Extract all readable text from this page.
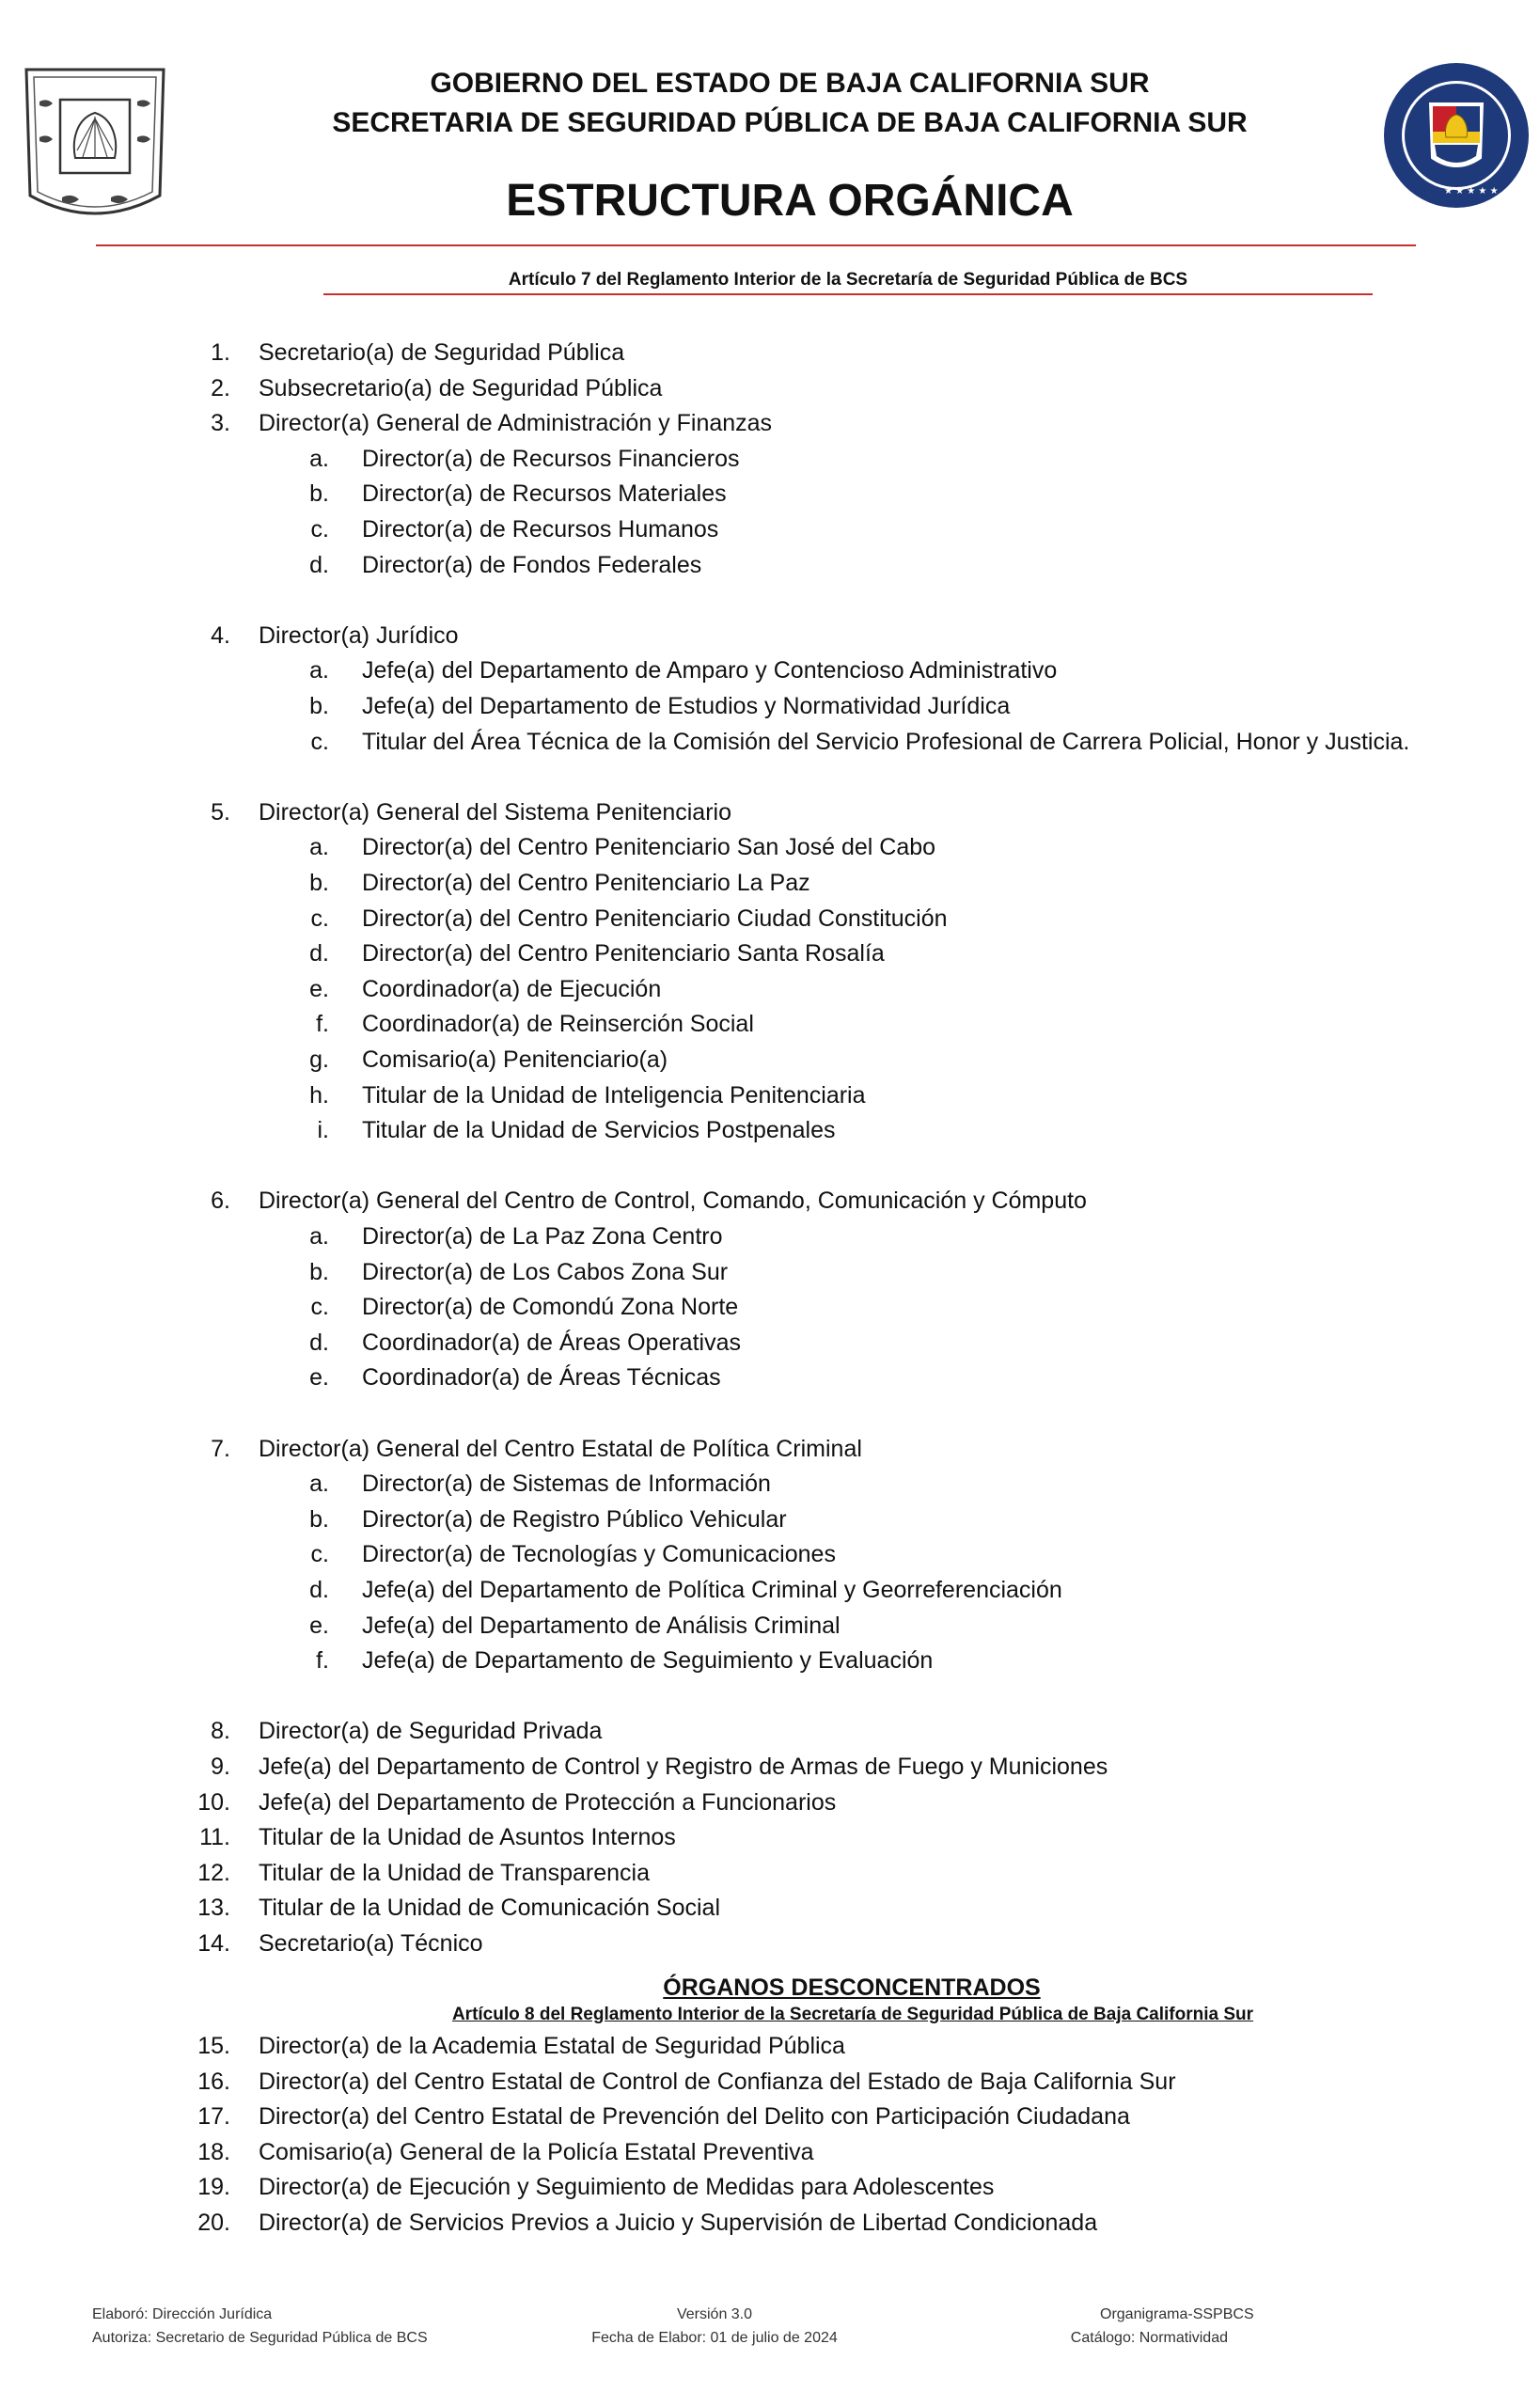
★ ★ ★ ★ ★
GOBIERNO DEL ESTADO DE BAJA CALIFORNIA SUR
SECRETARIA DE SEGURIDAD PÚBLICA DE BAJA CALIFORNIA SUR
ESTRUCTURA ORGÁNICA
Artículo 7 del Reglamento Interior de la Secretaría de Seguridad Pública de BCS
1. Secretario(a) de Seguridad Pública
2. Subsecretario(a) de Seguridad Pública
3. Director(a) General de Administración y Finanzas
a. Director(a) de Recursos Financieros
b. Director(a) de Recursos Materiales
c. Director(a) de Recursos Humanos
d. Director(a) de Fondos Federales
4. Director(a) Jurídico
a. Jefe(a) del Departamento de Amparo y Contencioso Administrativo
b. Jefe(a) del Departamento de Estudios y Normatividad Jurídica
c. Titular del Área Técnica de la Comisión del Servicio Profesional de Carrera Policial, Honor y Justicia.
5. Director(a) General del Sistema Penitenciario
a. Director(a) del Centro Penitenciario San José del Cabo
b. Director(a) del Centro Penitenciario La Paz
c. Director(a) del Centro Penitenciario Ciudad Constitución
d. Director(a) del Centro Penitenciario Santa Rosalía
e. Coordinador(a) de Ejecución
f. Coordinador(a) de Reinserción Social
g. Comisario(a) Penitenciario(a)
h. Titular de la Unidad de Inteligencia Penitenciaria
i. Titular de la Unidad de Servicios Postpenales
6. Director(a) General del Centro de Control, Comando, Comunicación y Cómputo
a. Director(a) de La Paz Zona Centro
b. Director(a) de Los Cabos Zona Sur
c. Director(a) de Comondú Zona Norte
d. Coordinador(a) de Áreas Operativas
e. Coordinador(a) de Áreas Técnicas
7. Director(a) General del Centro Estatal de Política Criminal
a. Director(a) de Sistemas de Información
b. Director(a) de Registro Público Vehicular
c. Director(a) de Tecnologías y Comunicaciones
d. Jefe(a) del Departamento de Política Criminal y Georreferenciación
e. Jefe(a) del Departamento de Análisis Criminal
f. Jefe(a) de Departamento de Seguimiento y Evaluación
8. Director(a) de Seguridad Privada
9. Jefe(a) del Departamento de Control y Registro de Armas de Fuego y Municiones
10. Jefe(a) del Departamento de Protección a Funcionarios
11. Titular de la Unidad de Asuntos Internos
12. Titular de la Unidad de Transparencia
13. Titular de la Unidad de Comunicación Social
14. Secretario(a) Técnico
15. Director(a) de la Academia Estatal de Seguridad Pública
16. Director(a) del Centro Estatal de Control de Confianza del Estado de Baja California Sur
17. Director(a) del Centro Estatal de Prevención del Delito con Participación Ciudadana
18. Comisario(a) General de la Policía Estatal Preventiva
19. Director(a) de Ejecución y Seguimiento de Medidas para Adolescentes
20. Director(a) de Servicios Previos a Juicio y Supervisión de Libertad Condicionada
ÓRGANOS DESCONCENTRADOS
Artículo 8 del Reglamento Interior de la Secretaría de Seguridad Pública de Baja California Sur
Elaboró: Dirección Jurídica
Autoriza: Secretario de Seguridad Pública de BCS
Versión 3.0
Fecha de Elabor: 01 de julio de 2024
Organigrama-SSPBCS
Catálogo: Normatividad
